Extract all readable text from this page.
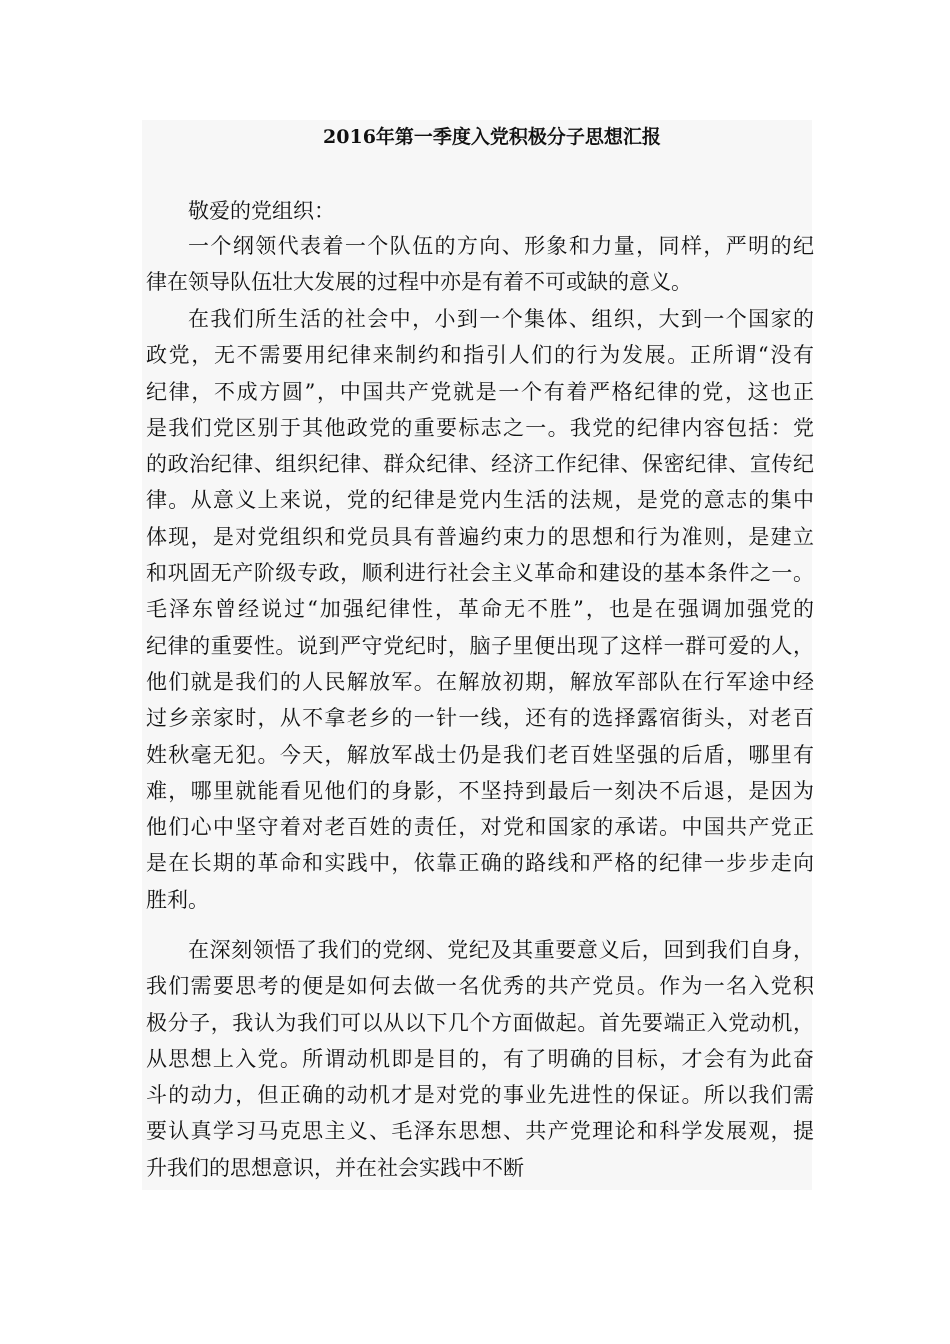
2016年第一季度入党积极分子思想汇报
敬爱的党组织：
一个纲领代表着一个队伍的方向、形象和力量，同样，严明的纪
律在领导队伍壮大发展的过程中亦是有着不可或缺的意义。
在我们所生活的社会中，小到一个集体、组织，大到一个国家的
政党，无不需要用纪律来制约和指引人们的行为发展。正所谓“没有
纪律，不成方圆”，中国共产党就是一个有着严格纪律的党，这也正
是我们党区别于其他政党的重要标志之一。我党的纪律内容包括：党
的政治纪律、组织纪律、群众纪律、经济工作纪律、保密纪律、宣传纪
律。从意义上来说，党的纪律是党内生活的法规，是党的意志的集中
体现，是对党组织和党员具有普遍约束力的思想和行为准则，是建立
和巩固无产阶级专政，顺利进行社会主义革命和建设的基本条件之一。
毛泽东曾经说过“加强纪律性，革命无不胜”，也是在强调加强党的
纪律的重要性。说到严守党纪时，脑子里便出现了这样一群可爱的人，
他们就是我们的人民解放军。在解放初期，解放军部队在行军途中经
过乡亲家时，从不拿老乡的一针一线，还有的选择露宿街头，对老百
姓秋毫无犯。今天，解放军战士仍是我们老百姓坚强的后盾，哪里有
难，哪里就能看见他们的身影，不坚持到最后一刻决不后退，是因为
他们心中坚守着对老百姓的责任，对党和国家的承诺。中国共产党正
是在长期的革命和实践中，依靠正确的路线和严格的纪律一步步走向
胜利。
在深刻领悟了我们的党纲、党纪及其重要意义后，回到我们自身，
我们需要思考的便是如何去做一名优秀的共产党员。作为一名入党积
极分子，我认为我们可以从以下几个方面做起。首先要端正入党动机，
从思想上入党。所谓动机即是目的，有了明确的目标，才会有为此奋
斗的动力，但正确的动机才是对党的事业先进性的保证。所以我们需
要认真学习马克思主义、毛泽东思想、共产党理论和科学发展观，提
升我们的思想意识，并在社会实践中不断
